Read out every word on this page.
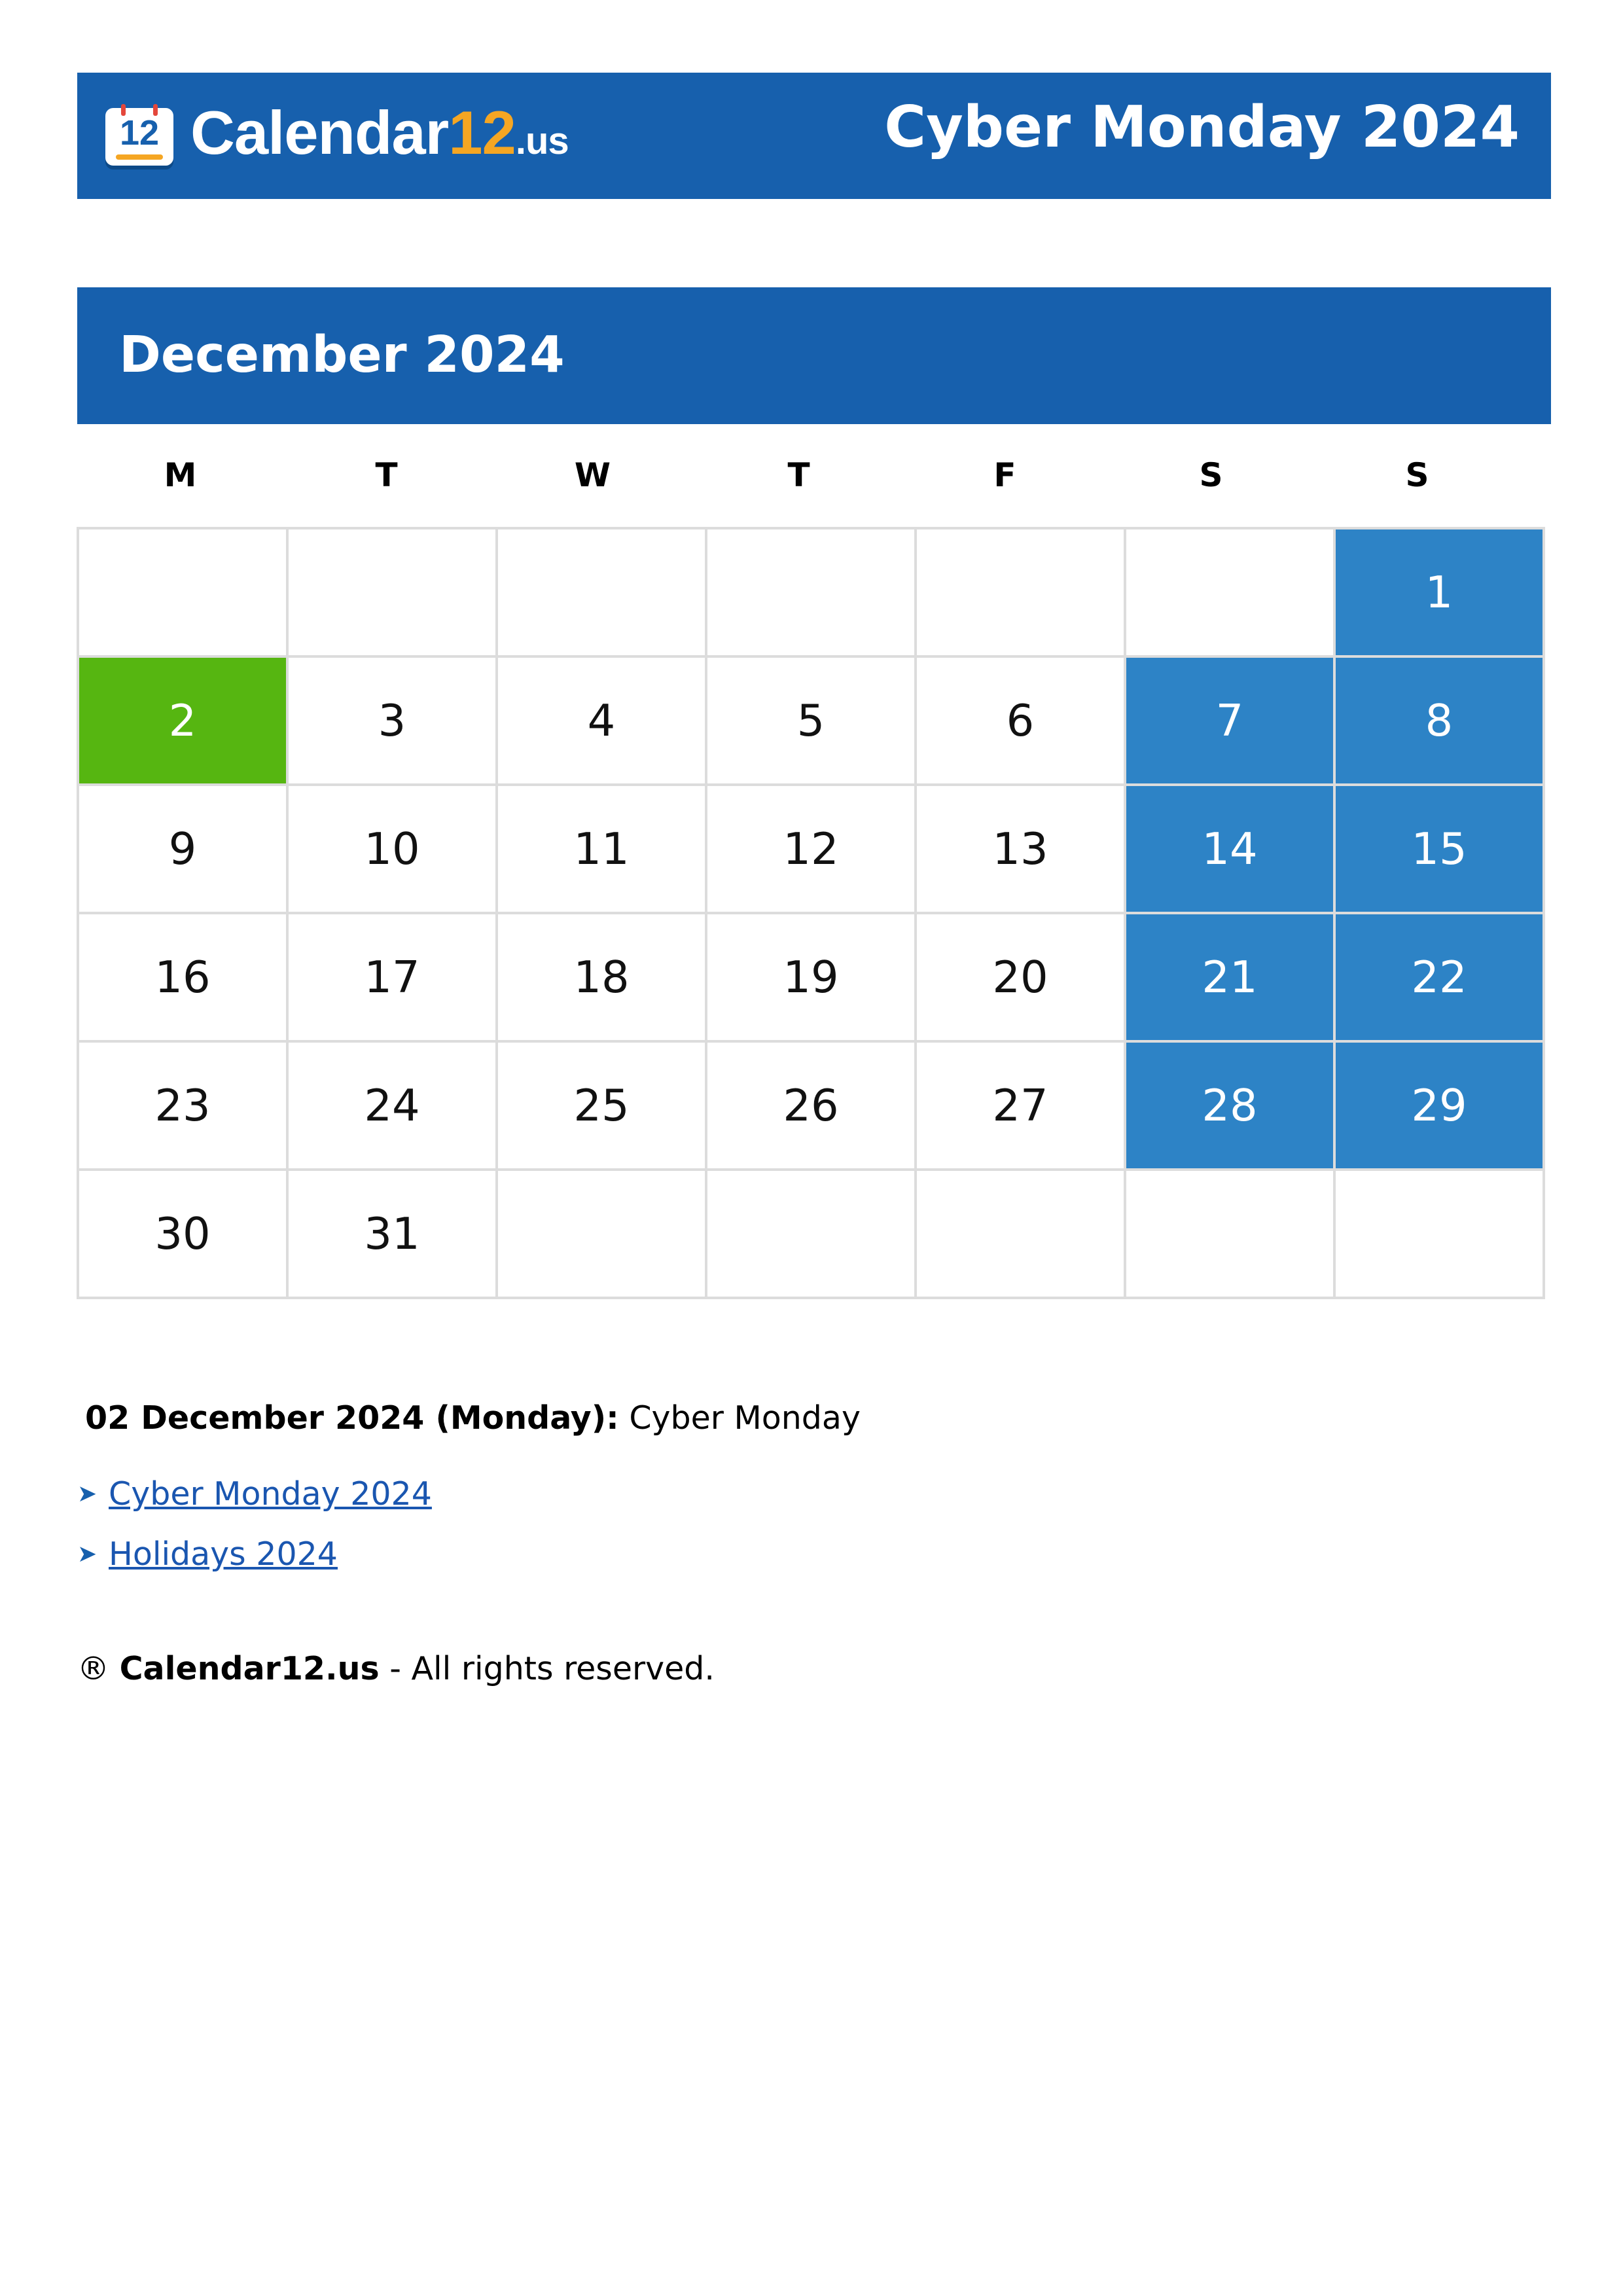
12 Calendar12.us	Cyber Monday 2024
December 2024
M	T	W	T	F	S	S
						1
2	3	4	5	6	7	8
9	10	11	12	13	14	15
16	17	18	19	20	21	22
23	24	25	26	27	28	29
30	31					

02 December 2024 (Monday): Cyber Monday

➤ Cyber Monday 2024
➤ Holidays 2024
® Calendar12.us - All rights reserved.
